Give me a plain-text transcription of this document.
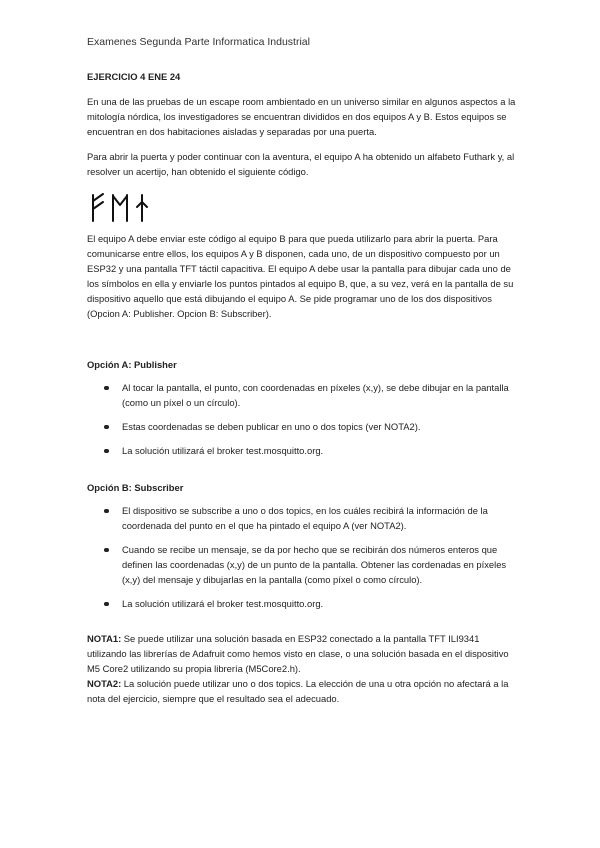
Examenes Segunda Parte Informatica Industrial
EJERCICIO 4 ENE 24

En una de las pruebas de un escape room ambientado en un universo similar en algunos aspectos a la mitología nórdica, los investigadores se encuentran divididos en dos equipos A y B. Estos equipos se encuentran en dos habitaciones aisladas y separadas por una puerta.

Para abrir la puerta y poder continuar con la aventura, el equipo A ha obtenido un alfabeto Futhark y, al resolver un acertijo, han obtenido el siguiente código.

El equipo A debe enviar este código al equipo B para que pueda utilizarlo para abrir la puerta. Para comunicarse entre ellos, los equipos A y B disponen, cada uno, de un dispositivo compuesto por un ESP32 y una pantalla TFT táctil capacitiva. El equipo A debe usar la pantalla para dibujar cada uno de los símbolos en ella y enviarle los puntos pintados al equipo B, que, a su vez, verá en la pantalla de su dispositivo aquello que está dibujando el equipo A. Se pide programar uno de los dos dispositivos (Opcion A: Publisher. Opcion B: Subscriber).

Opción A: Publisher
Al tocar la pantalla, el punto, con coordenadas en píxeles (x,y), se debe dibujar en la pantalla (como un píxel o un círculo).
Estas coordenadas se deben publicar en uno o dos topics (ver NOTA2).
La solución utilizará el broker test.mosquitto.org.
Opción B: Subscriber
El dispositivo se subscribe a uno o dos topics, en los cuáles recibirá la información de la coordenada del punto en el que ha pintado el equipo A (ver NOTA2).
Cuando se recibe un mensaje, se da por hecho que se recibirán dos números enteros que definen las coordenadas (x,y) de un punto de la pantalla. Obtener las cordenadas en píxeles (x,y) del mensaje y dibujarlas en la pantalla (como píxel o como círculo).
La solución utilizará el broker test.mosquitto.org.
NOTA1: Se puede utilizar una solución basada en ESP32 conectado a la pantalla TFT ILI9341 utilizando las librerías de Adafruit como hemos visto en clase, o una solución basada en el dispositivo M5 Core2 utilizando su propia librería (M5Core2.h).
NOTA2: La solución puede utilizar uno o dos topics. La elección de una u otra opción no afectará a la nota del ejercicio, siempre que el resultado sea el adecuado.
